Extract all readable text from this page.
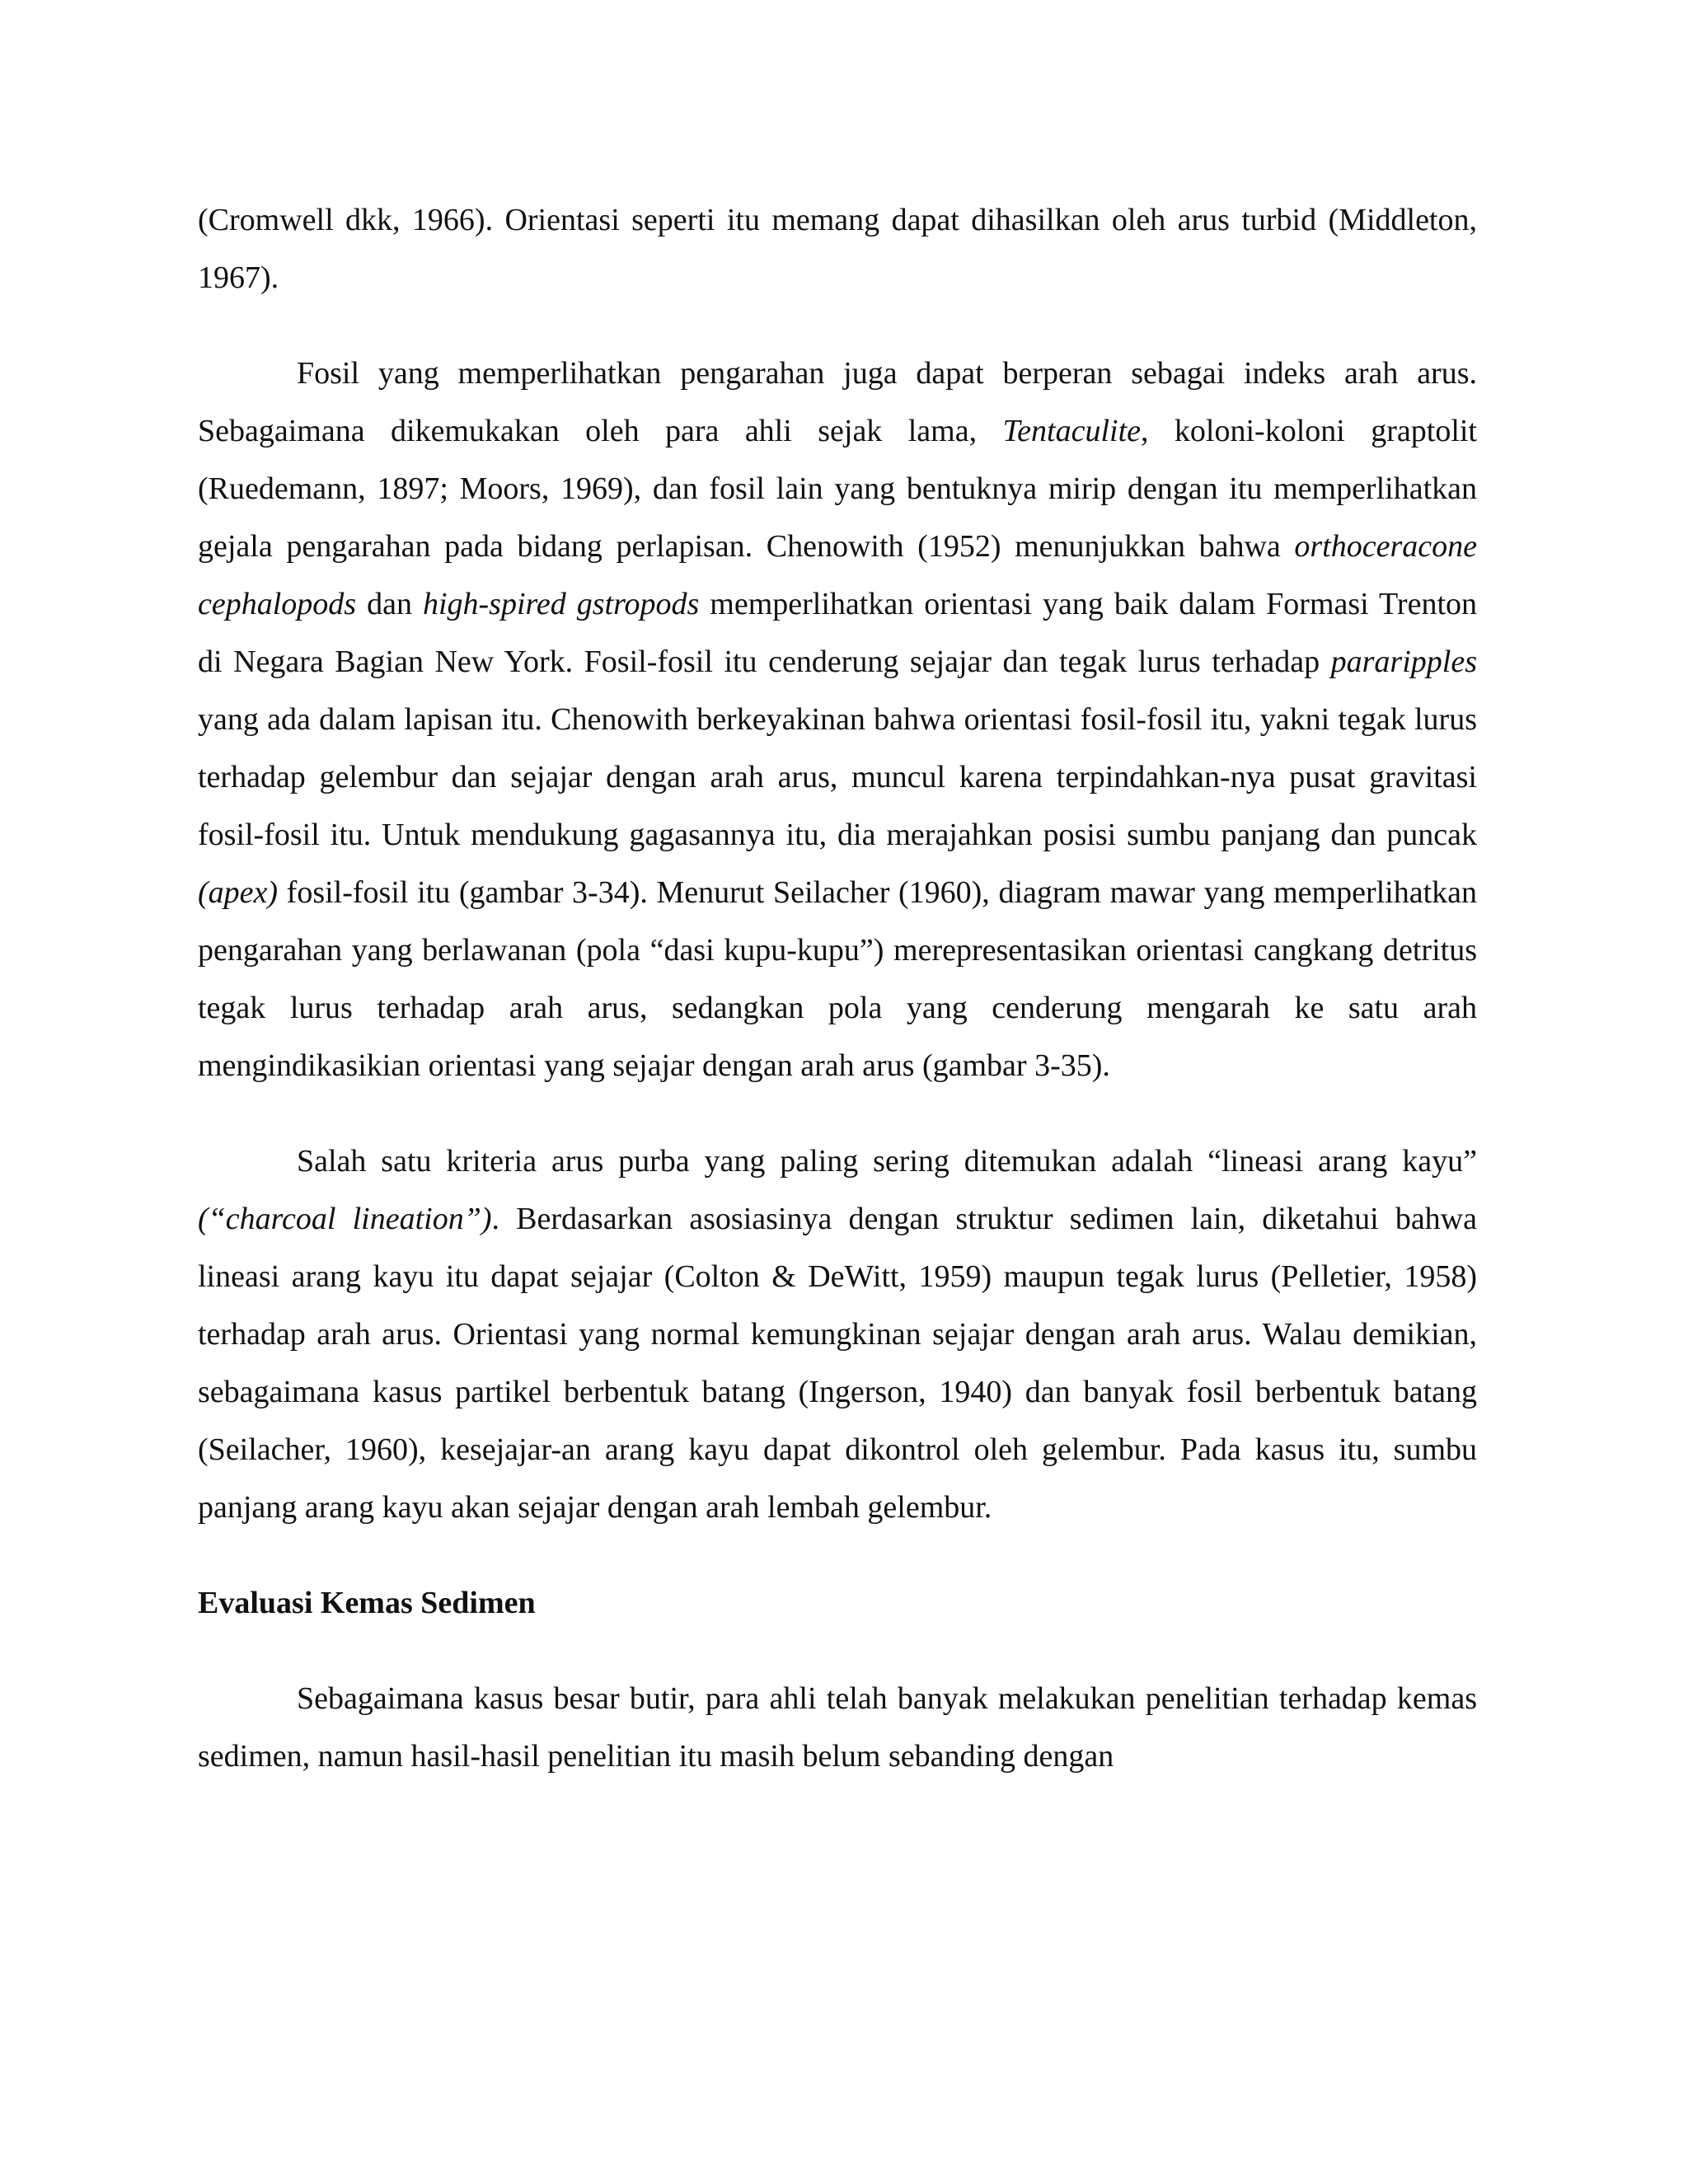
(Cromwell dkk, 1966). Orientasi seperti itu memang dapat dihasilkan oleh arus turbid (Middleton, 1967).

Fosil yang memperlihatkan pengarahan juga dapat berperan sebagai indeks arah arus. Sebagaimana dikemukakan oleh para ahli sejak lama, Tentaculite, koloni-koloni graptolit (Ruedemann, 1897; Moors, 1969), dan fosil lain yang bentuknya mirip dengan itu memperlihatkan gejala pengarahan pada bidang perlapisan. Chenowith (1952) menunjukkan bahwa orthoceracone cephalopods dan high-spired gstropods memperlihatkan orientasi yang baik dalam Formasi Trenton di Negara Bagian New York. Fosil-fosil itu cenderung sejajar dan tegak lurus terhadap pararipples yang ada dalam lapisan itu. Chenowith berkeyakinan bahwa orientasi fosil-fosil itu, yakni tegak lurus terhadap gelembur dan sejajar dengan arah arus, muncul karena terpindahkan-nya pusat gravitasi fosil-fosil itu. Untuk mendukung gagasannya itu, dia merajahkan posisi sumbu panjang dan puncak (apex) fosil-fosil itu (gambar 3-34). Menurut Seilacher (1960), diagram mawar yang memperlihatkan pengarahan yang berlawanan (pola “dasi kupu-kupu”) merepresentasikan orientasi cangkang detritus tegak lurus terhadap arah arus, sedangkan pola yang cenderung mengarah ke satu arah mengindikasikian orientasi yang sejajar dengan arah arus (gambar 3-35).

Salah satu kriteria arus purba yang paling sering ditemukan adalah “lineasi arang kayu” (“charcoal lineation”). Berdasarkan asosiasinya dengan struktur sedimen lain, diketahui bahwa lineasi arang kayu itu dapat sejajar (Colton & DeWitt, 1959) maupun tegak lurus (Pelletier, 1958) terhadap arah arus. Orientasi yang normal kemungkinan sejajar dengan arah arus. Walau demikian, sebagaimana kasus partikel berbentuk batang (Ingerson, 1940) dan banyak fosil berbentuk batang (Seilacher, 1960), kesejajar-an arang kayu dapat dikontrol oleh gelembur. Pada kasus itu, sumbu panjang arang kayu akan sejajar dengan arah lembah gelembur.

Evaluasi Kemas Sedimen

Sebagaimana kasus besar butir, para ahli telah banyak melakukan penelitian terhadap kemas sedimen, namun hasil-hasil penelitian itu masih belum sebanding dengan
